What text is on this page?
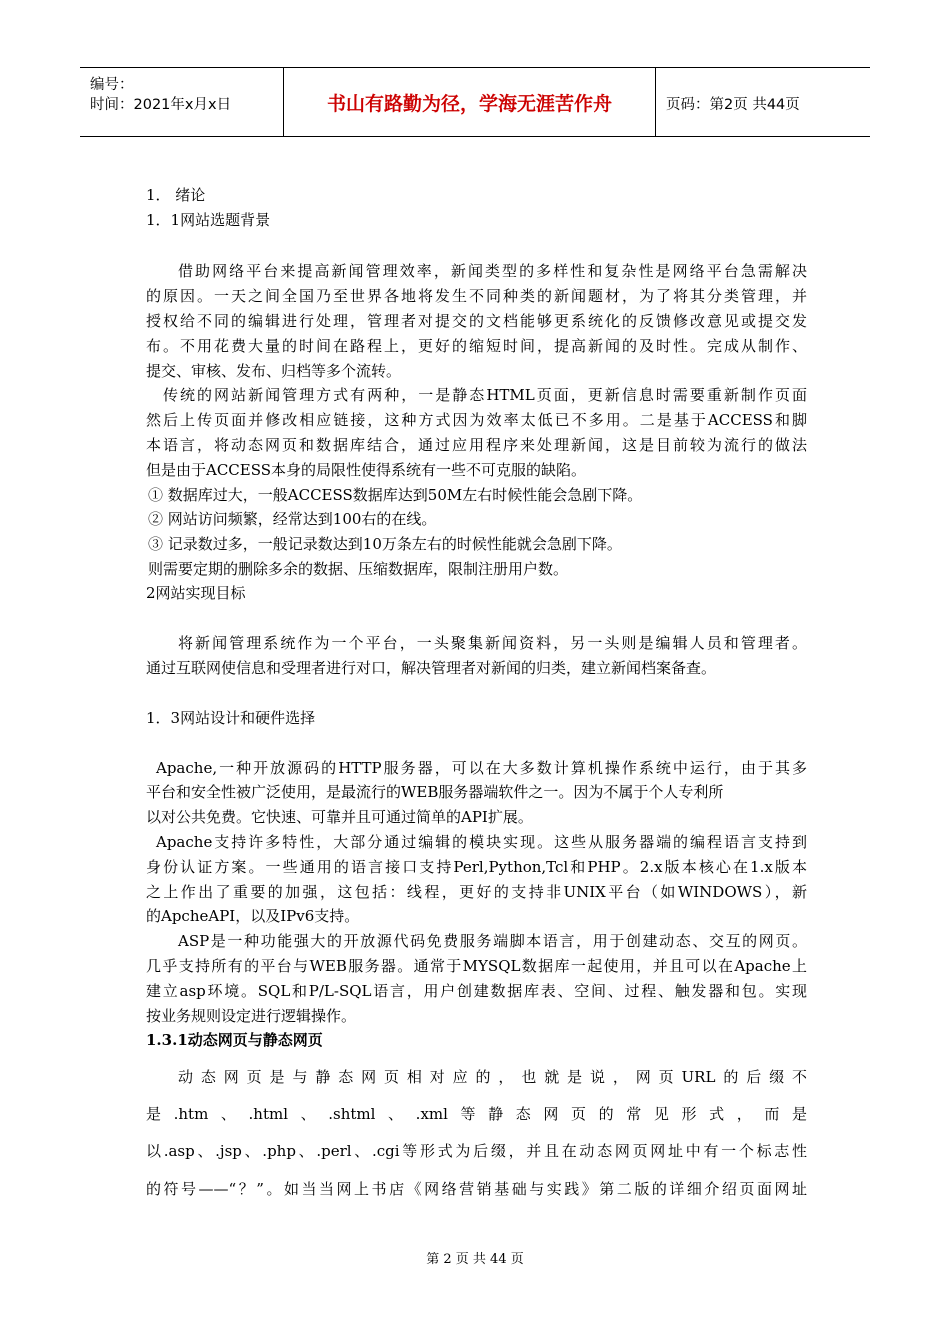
编号：
时间：2021年x月x日	书山有路勤为径，学海无涯苦作舟	页码：第2页 共44页
1． 绪论
1．1网站选题背景
借助网络平台来提高新闻管理效率，新闻类型的多样性和复杂性是网络平台急需解决
的原因。一天之间全国乃至世界各地将发生不同种类的新闻题材，为了将其分类管理，并
授权给不同的编辑进行处理，管理者对提交的文档能够更系统化的反馈修改意见或提交发
布。不用花费大量的时间在路程上，更好的缩短时间，提高新闻的及时性。完成从制作、
提交、审核、发布、归档等多个流转。
传统的网站新闻管理方式有两种，一是静态HTML页面，更新信息时需要重新制作页面
然后上传页面并修改相应链接，这种方式因为效率太低已不多用。二是基于ACCESS和脚
本语言，将动态网页和数据库结合，通过应用程序来处理新闻，这是目前较为流行的做法
但是由于ACCESS本身的局限性使得系统有一些不可克服的缺陷。
① 数据库过大，一般ACCESS数据库达到50M左右时候性能会急剧下降。
② 网站访问频繁，经常达到100右的在线。
③ 记录数过多，一般记录数达到10万条左右的时候性能就会急剧下降。
则需要定期的删除多余的数据、压缩数据库，限制注册用户数。
2网站实现目标
将新闻管理系统作为一个平台，一头聚集新闻资料，另一头则是编辑人员和管理者。
通过互联网使信息和受理者进行对口，解决管理者对新闻的归类，建立新闻档案备查。
1．3网站设计和硬件选择
Apache,一种开放源码的HTTP服务器，可以在大多数计算机操作系统中运行，由于其多
平台和安全性被广泛使用，是最流行的WEB服务器端软件之一。因为不属于个人专利所
以对公共免费。它快速、可靠并且可通过简单的API扩展。
Apache支持许多特性，大部分通过编辑的模块实现。这些从服务器端的编程语言支持到
身份认证方案。一些通用的语言接口支持Perl,Python,Tcl和PHP。2.x版本核心在1.x版本
之上作出了重要的加强，这包括：线程，更好的支持非UNIX平台（如WINDOWS），新
的ApcheAPI，以及IPv6支持。
ASP是一种功能强大的开放源代码免费服务端脚本语言，用于创建动态、交互的网页。
几乎支持所有的平台与WEB服务器。通常于MYSQL数据库一起使用，并且可以在Apache上
建立asp环境。SQL和P/L-SQL语言，用户创建数据库表、空间、过程、触发器和包。实现
按业务规则设定进行逻辑操作。
1.3.1动态网页与静态网页
动态网页是与静态网页相对应的，也就是说，网页URL的后缀不
是.htm、.html、.shtml、.xml等静态网页的常见形式，而是
以.asp、.jsp、.php、.perl、.cgi等形式为后缀，并且在动态网页网址中有一个标志性
的符号——“？”。如当当网上书店《网络营销基础与实践》第二版的详细介绍页面网址
第 2 页 共 44 页
